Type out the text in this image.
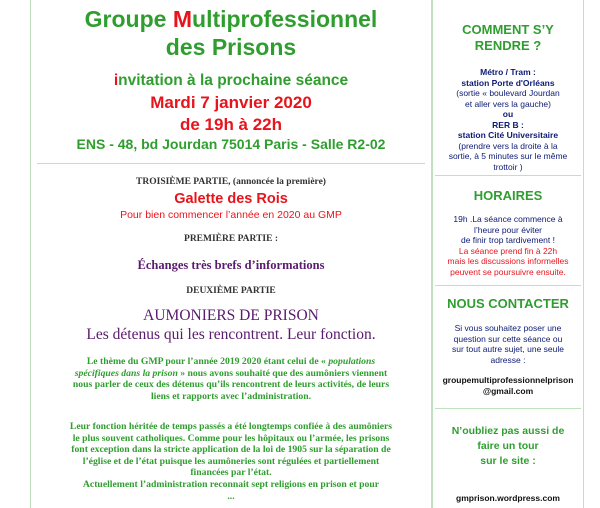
Groupe Multiprofessionnel
des Prisons
invitation à la prochaine séance
Mardi 7 janvier 2020
de 19h à 22h
ENS - 48, bd Jourdan 75014 Paris - Salle R2-02
TROISIÈME PARTIE, (annoncée la première)
Galette des Rois
Pour bien commencer l’année en 2020 au GMP
PREMIÈRE PARTIE :
Échanges très brefs d’informations
DEUXIÈME PARTIE
AUMONIERS DE PRISON
Les détenus qui les rencontrent. Leur fonction.
Le thème du GMP pour l’année 2019 2020 étant celui de « populations
spécifiques dans la prison » nous avons souhaité que des aumôniers viennent
nous parler de ceux des détenus qu’ils rencontrent de leurs activités, de leurs
liens et rapports avec l’administration.
Leur fonction héritée de temps passés a été longtemps confiée à des aumôniers
le plus souvent catholiques. Comme pour les hôpitaux ou l’armée, les prisons
font exception dans la stricte application de la loi de 1905 sur la séparation de
l’église et de l’état puisque les aumôneries sont régulées et partiellement
financées par l’état.
Actuellement l’administration reconnait sept religions en prison et pour
...
COMMENT S’Y
RENDRE ?
Métro / Tram :
station Porte d'Orléans
(sortie « boulevard Jourdan
et aller vers la gauche)
ou
RER B :
station Cité Universitaire
(prendre vers la droite à la
sortie, à 5 minutes sur le même
trottoir )
HORAIRES
19h .La séance commence à
l’heure pour éviter
de finir trop tardivement !
La séance prend fin à 22h
mais les discussions informelles
peuvent se poursuivre ensuite.
NOUS CONTACTER
Si vous souhaitez poser une
question sur cette séance ou
sur tout autre sujet, une seule
adresse :
groupemultiprofessionnelprison
@gmail.com
N’oubliez pas aussi de
faire un tour
sur le site :
gmprison.wordpress.com
